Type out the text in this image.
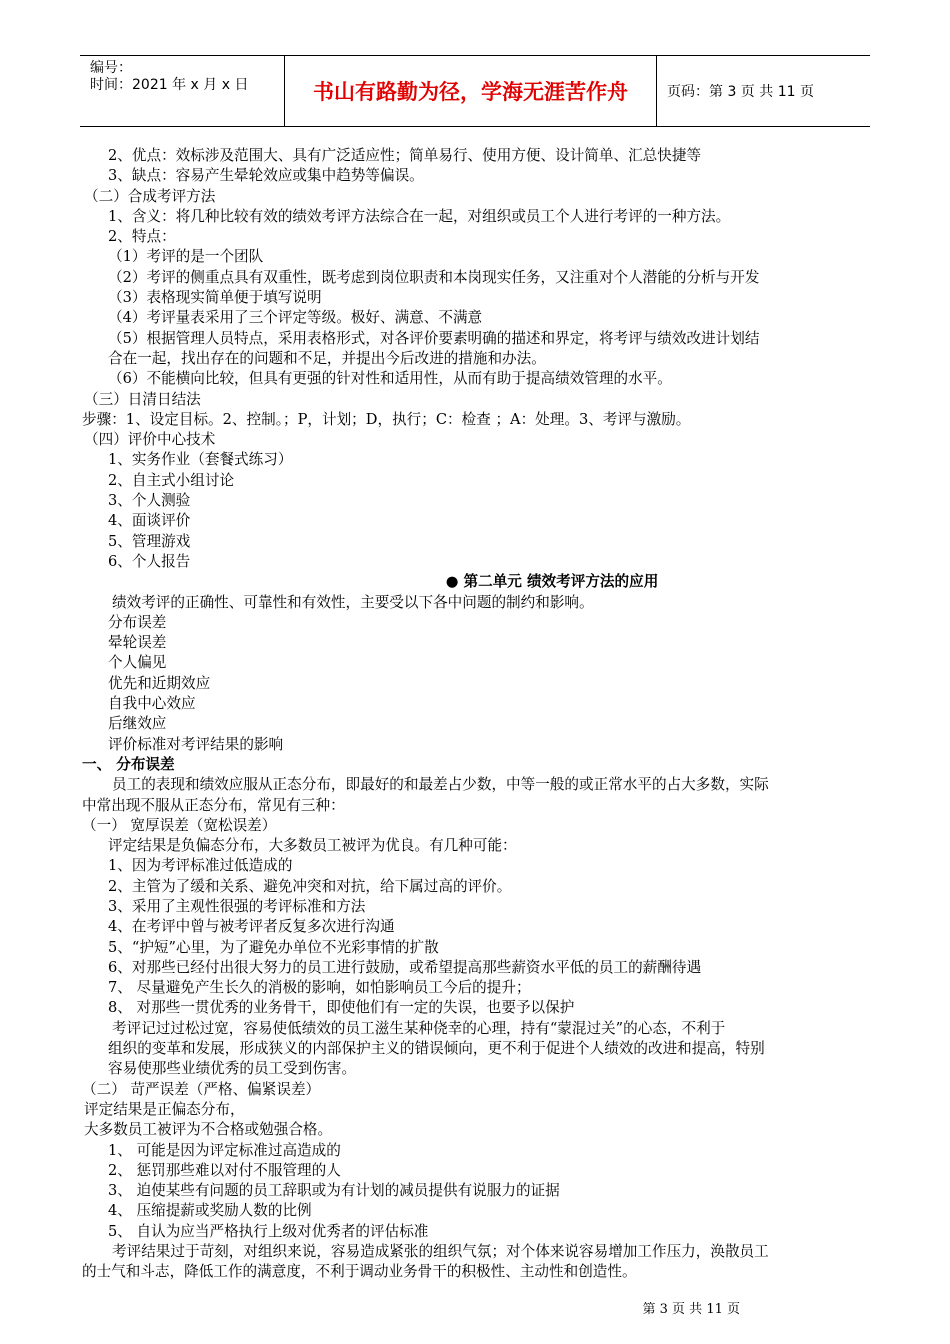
编号：
时间：2021 年 x 月 x 日	书山有路勤为径，学海无涯苦作舟	页码：第 3 页 共 11 页
2、优点：效标涉及范围大、具有广泛适应性；简单易行、使用方便、设计简单、汇总快捷等
3、缺点：容易产生晕轮效应或集中趋势等偏误。
（二）合成考评方法
1、含义：将几种比较有效的绩效考评方法综合在一起，对组织或员工个人进行考评的一种方法。
2、特点：
（1）考评的是一个团队
（2）考评的侧重点具有双重性，既考虑到岗位职责和本岗现实任务，又注重对个人潜能的分析与开发
（3）表格现实简单便于填写说明
（4）考评量表采用了三个评定等级。极好、满意、不满意
（5）根据管理人员特点，采用表格形式，对各评价要素明确的描述和界定，将考评与绩效改进计划结
合在一起，找出存在的问题和不足，并提出今后改进的措施和办法。
（6）不能横向比较，但具有更强的针对性和适用性，从而有助于提高绩效管理的水平。
（三）日清日结法
步骤：1、设定目标。2、控制。；P，计划；D，执行；C：检查 ；A：处理。3、考评与激励。
（四）评价中心技术
1、实务作业（套餐式练习）
2、自主式小组讨论
3、个人测验
4、面谈评价
5、管理游戏
6、个人报告
● 第二单元 绩效考评方法的应用
绩效考评的正确性、可靠性和有效性，主要受以下各中问题的制约和影响。
分布误差
晕轮误差
个人偏见
优先和近期效应
自我中心效应
后继效应
评价标准对考评结果的影响
一、 分布误差
员工的表现和绩效应服从正态分布，即最好的和最差占少数，中等一般的或正常水平的占大多数，实际
中常出现不服从正态分布，常见有三种：
（一） 宽厚误差（宽松误差）
评定结果是负偏态分布，大多数员工被评为优良。有几种可能：
1、因为考评标准过低造成的
2、主管为了缓和关系、避免冲突和对抗，给下属过高的评价。
3、采用了主观性很强的考评标准和方法
4、在考评中曾与被考评者反复多次进行沟通
5、“护短”心里，为了避免办单位不光彩事情的扩散
6、对那些已经付出很大努力的员工进行鼓励，或希望提高那些薪资水平低的员工的薪酬待遇
7、 尽量避免产生长久的消极的影响，如怕影响员工今后的提升；
8、 对那些一贯优秀的业务骨干，即使他们有一定的失误，也要予以保护
考评记过过松过宽，容易使低绩效的员工滋生某种侥幸的心理，持有“蒙混过关”的心态，不利于
组织的变革和发展，形成狭义的内部保护主义的错误倾向，更不利于促进个人绩效的改进和提高，特别
容易使那些业绩优秀的员工受到伤害。
（二） 苛严误差（严格、偏紧误差）
评定结果是正偏态分布，
大多数员工被评为不合格或勉强合格。
1、 可能是因为评定标准过高造成的
2、 惩罚那些难以对付不服管理的人
3、 迫使某些有问题的员工辞职或为有计划的减员提供有说服力的证据
4、 压缩提薪或奖励人数的比例
5、 自认为应当严格执行上级对优秀者的评估标准
考评结果过于苛刻，对组织来说，容易造成紧张的组织气氛；对个体来说容易增加工作压力，涣散员工
的士气和斗志，降低工作的满意度，不利于调动业务骨干的积极性、主动性和创造性。
第 3 页 共 11 页
